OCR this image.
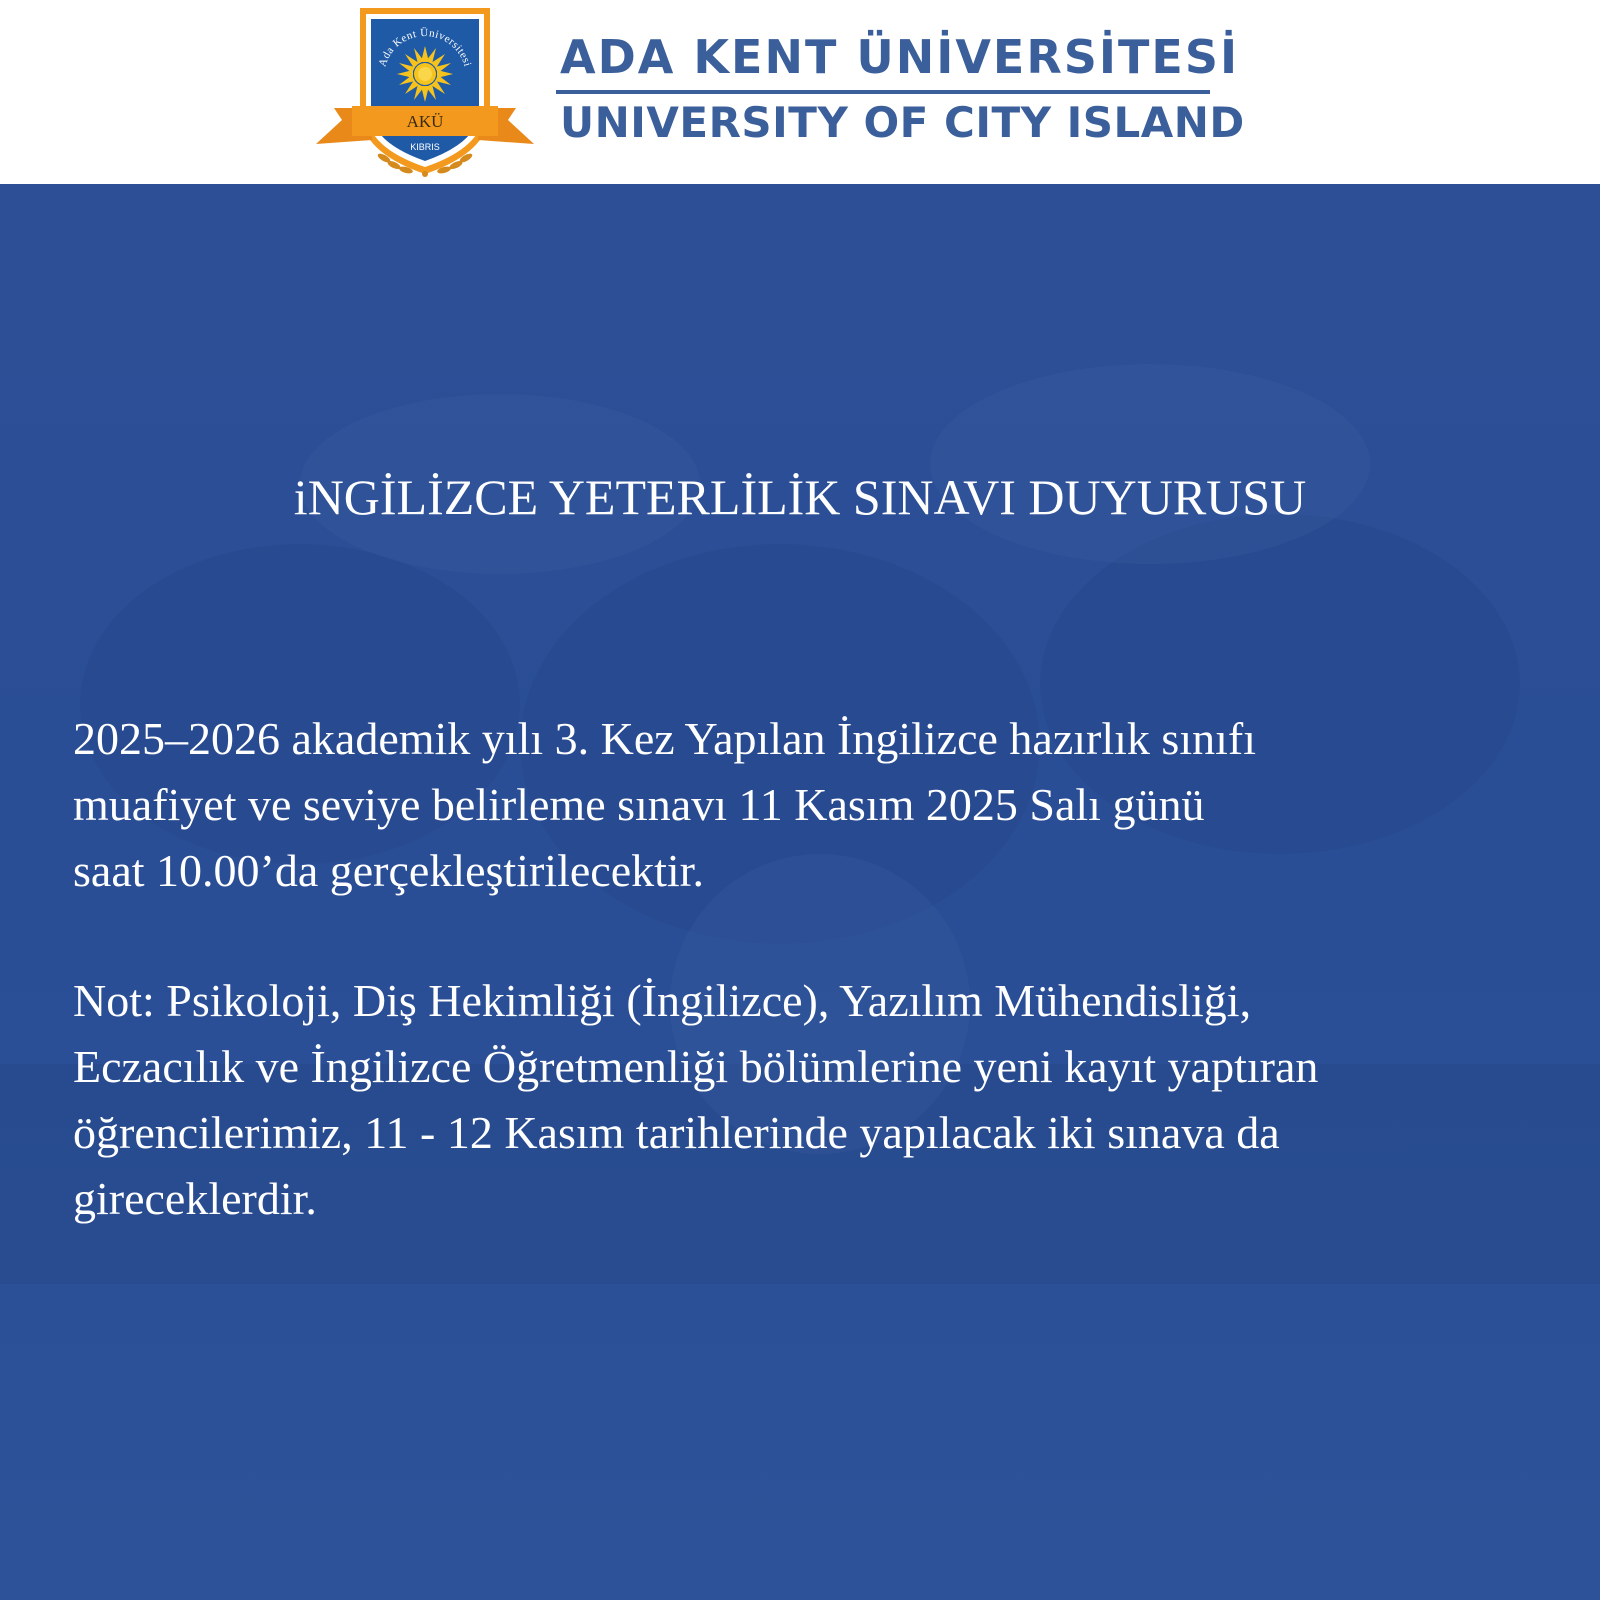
Ada Kent Üniversitesi
AKÜ
KIBRIS
ADA KENT ÜNİVERSİTESİ
UNIVERSITY OF CITY ISLAND
iNGİLİZCE YETERLİLİK SINAVI DUYURUSU

2025–2026 akademik yılı 3. Kez Yapılan İngilizce hazırlık sınıfı
muafiyet ve seviye belirleme sınavı 11 Kasım 2025 Salı günü
saat 10.00’da gerçekleştirilecektir.

Not: Psikoloji, Diş Hekimliği (İngilizce), Yazılım Mühendisliği,
Eczacılık ve İngilizce Öğretmenliği bölümlerine yeni kayıt yaptıran
öğrencilerimiz, 11 - 12 Kasım tarihlerinde yapılacak iki sınava da
gireceklerdir.
